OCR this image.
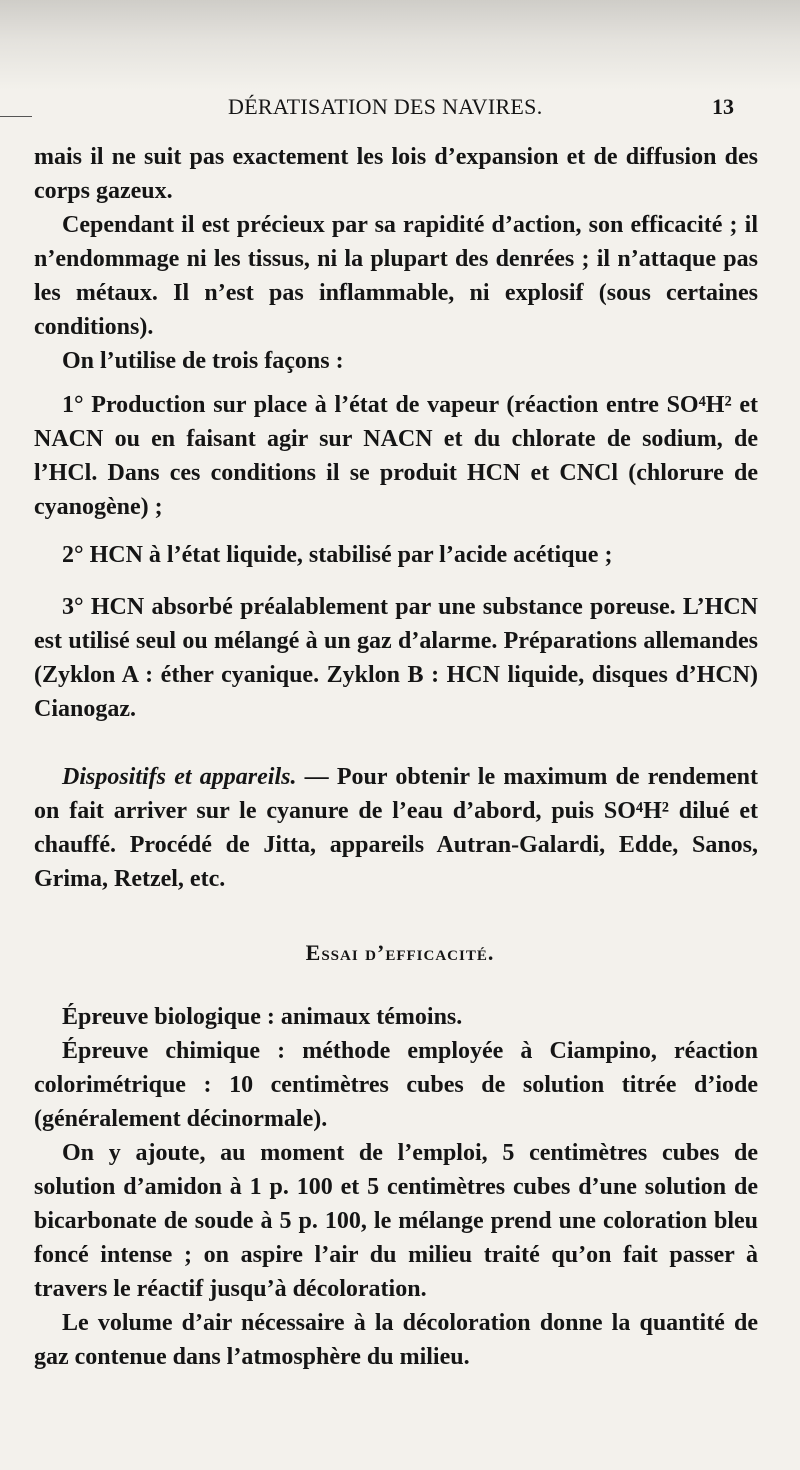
DÉRATISATION DES NAVIRES.	13

mais il ne suit pas exactement les lois d’expansion et de diffusion des corps gazeux.

Cependant il est précieux par sa rapidité d’action, son efficacité ; il n’endommage ni les tissus, ni la plupart des denrées ; il n’attaque pas les métaux. Il n’est pas inflammable, ni explosif (sous certaines conditions).

On l’utilise de trois façons :

1° Production sur place à l’état de vapeur (réaction entre SO⁴H² et NACN ou en faisant agir sur NACN et du chlorate de sodium, de l’HCl. Dans ces conditions il se produit HCN et CNCl (chlorure de cyanogène) ;

2° HCN à l’état liquide, stabilisé par l’acide acétique ;

3° HCN absorbé préalablement par une substance poreuse. L’HCN est utilisé seul ou mélangé à un gaz d’alarme. Préparations allemandes (Zyklon A : éther cyanique. Zyklon B : HCN liquide, disques d’HCN) Cianogaz.

Dispositifs et appareils. — Pour obtenir le maximum de rendement on fait arriver sur le cyanure de l’eau d’abord, puis SO⁴H² dilué et chauffé. Procédé de Jitta, appareils Autran-Galardi, Edde, Sanos, Grima, Retzel, etc.

Essai d’efficacité.

Épreuve biologique : animaux témoins.

Épreuve chimique : méthode employée à Ciampino, réaction colorimétrique : 10 centimètres cubes de solution titrée d’iode (généralement décinormale).

On y ajoute, au moment de l’emploi, 5 centimètres cubes de solution d’amidon à 1 p. 100 et 5 centimètres cubes d’une solution de bicarbonate de soude à 5 p. 100, le mélange prend une coloration bleu foncé intense ; on aspire l’air du milieu traité qu’on fait passer à travers le réactif jusqu’à décoloration.

Le volume d’air nécessaire à la décoloration donne la quantité de gaz contenue dans l’atmosphère du milieu.
